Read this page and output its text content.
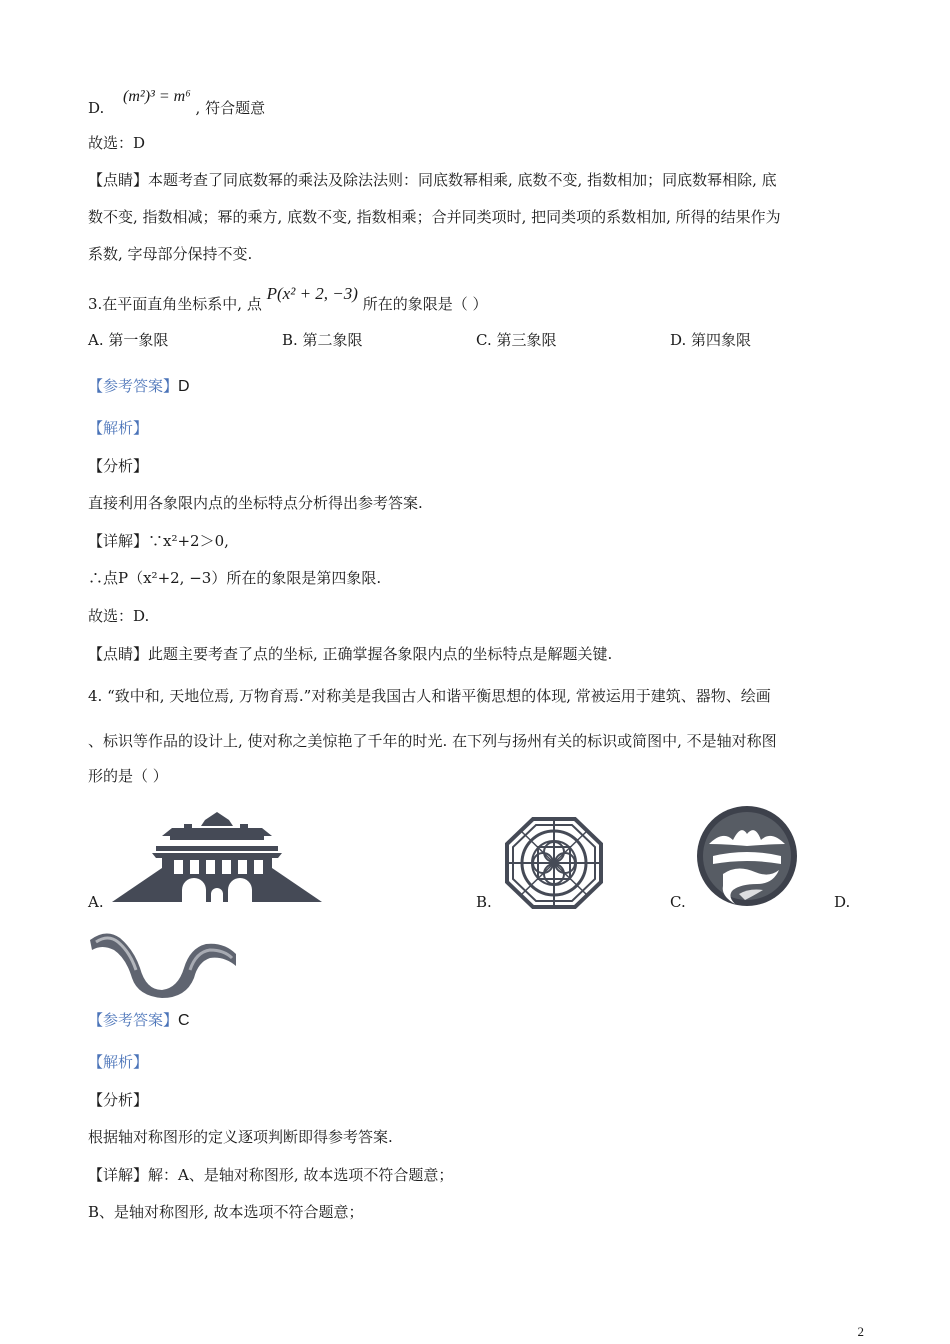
D. (m²)³ = m⁶ , 符合题意
故选：D
【点睛】本题考查了同底数幂的乘法及除法法则：同底数幂相乘, 底数不变, 指数相加；同底数幂相除, 底
数不变, 指数相减；幂的乘方, 底数不变, 指数相乘；合并同类项时, 把同类项的系数相加, 所得的结果作为
系数, 字母部分保持不变.
3.在平面直角坐标系中, 点 P(x² + 2, −3) 所在的象限是（ ）
A. 第一象限	B. 第二象限	C. 第三象限	D. 第四象限
【参考答案】D
【解析】
【分析】
直接利用各象限内点的坐标特点分析得出参考答案.
【详解】∵x²+2＞0,
∴点P（x²+2, −3）所在的象限是第四象限.
故选：D.
【点睛】此题主要考查了点的坐标, 正确掌握各象限内点的坐标特点是解题关键.
4. “致中和, 天地位焉, 万物育焉.”对称美是我国古人和谐平衡思想的体现, 常被运用于建筑、器物、绘画
、标识等作品的设计上, 使对称之美惊艳了千年的时光. 在下列与扬州有关的标识或简图中, 不是轴对称图
形的是（ ）
A.	B.	C.	D.
【参考答案】C
【解析】
【分析】
根据轴对称图形的定义逐项判断即得参考答案.
【详解】解：A、是轴对称图形, 故本选项不符合题意；
B、是轴对称图形, 故本选项不符合题意；
2
